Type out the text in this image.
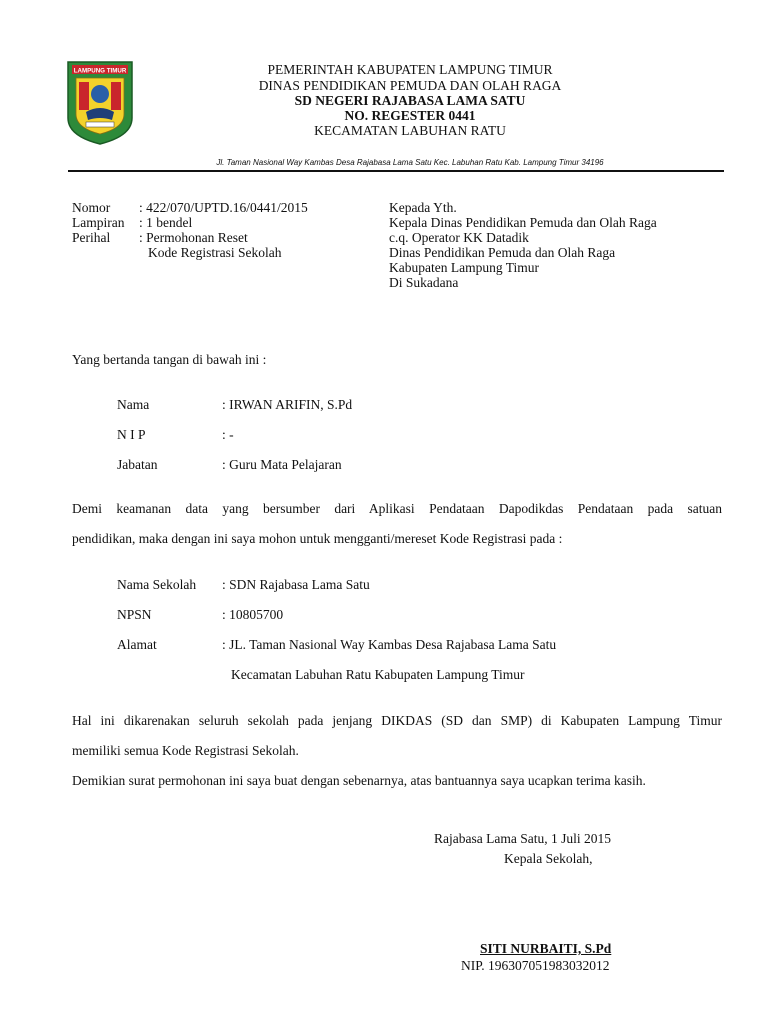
LAMPUNG TIMUR	PEMERINTAH KABUPATEN LAMPUNG TIMUR
DINAS PENDIDIKAN PEMUDA DAN OLAH RAGA
SD NEGERI RAJABASA LAMA SATU
NO. REGESTER 0441
KECAMATAN LABUHAN RATU
Jl. Taman Nasional Way Kambas Desa Rajabasa Lama Satu Kec. Labuhan Ratu Kab. Lampung Timur 34196
Nomor : 422/070/UPTD.16/0441/2015
Lampiran : 1 bendel
Perihal : Permohonan Reset
Kode Registrasi Sekolah
Kepada Yth.
Kepala Dinas Pendidikan Pemuda dan Olah Raga
c.q. Operator KK Datadik
Dinas Pendidikan Pemuda dan Olah Raga
Kabupaten Lampung Timur
Di Sukadana
Yang bertanda tangan di bawah ini :
Nama	: IRWAN ARIFIN, S.Pd
N I P	: -
Jabatan	: Guru Mata Pelajaran
Demi keamanan data yang bersumber dari Aplikasi Pendataan Dapodikdas Pendataan pada satuan
pendidikan, maka dengan ini saya mohon untuk mengganti/mereset Kode Registrasi pada :
Nama Sekolah : SDN Rajabasa Lama Satu
NPSN	: 10805700
Alamat	: JL. Taman Nasional Way Kambas Desa Rajabasa Lama Satu
Kecamatan Labuhan Ratu Kabupaten Lampung Timur
Hal ini dikarenakan seluruh sekolah pada jenjang DIKDAS (SD dan SMP) di Kabupaten Lampung Timur
memiliki semua Kode Registrasi Sekolah.
Demikian surat permohonan ini saya buat dengan sebenarnya, atas bantuannya saya ucapkan terima kasih.
Rajabasa Lama Satu, 1 Juli 2015
Kepala Sekolah,
SITI NURBAITI, S.Pd
NIP. 196307051983032012
